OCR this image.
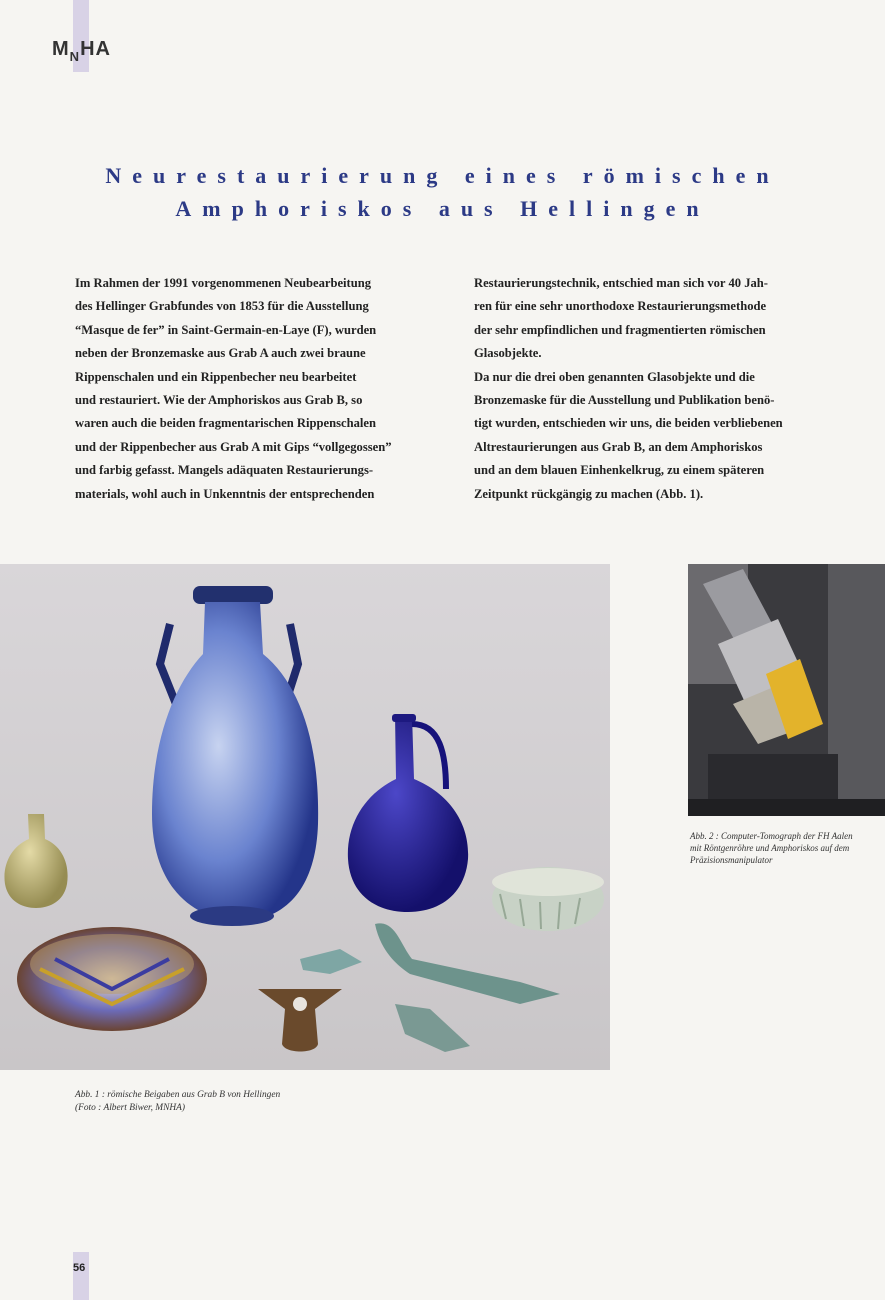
$M_NHA$
Neurestaurierung eines römischen
Amphoriskos aus Hellingen

Im Rahmen der 1991 vorgenommenen Neubearbeitung

des Hellinger Grabfundes von 1853 für die Ausstellung

“Masque de fer” in Saint-Germain-en-Laye (F), wurden

neben der Bronzemaske aus Grab A auch zwei braune

Rippenschalen und ein Rippenbecher neu bearbeitet

und restauriert. Wie der Amphoriskos aus Grab B, so

waren auch die beiden fragmentarischen Rippenschalen

und der Rippenbecher aus Grab A mit Gips “vollgegossen”

und farbig gefasst. Mangels adäquaten Restaurierungs-

materials, wohl auch in Unkenntnis der entsprechenden

Restaurierungstechnik, entschied man sich vor 40 Jah-

ren für eine sehr unorthodoxe Restaurierungsmethode

der sehr empfindlichen und fragmentierten römischen

Glasobjekte.

Da nur die drei oben genannten Glasobjekte und die

Bronzemaske für die Ausstellung und Publikation benö-

tigt wurden, entschieden wir uns, die beiden verbliebenen

Altrestaurierungen aus Grab B, an dem Amphoriskos

und an dem blauen Einhenkelkrug, zu einem späteren

Zeitpunkt rückgängig zu machen (Abb. 1).

Abb. 1 : römische Beigaben aus Grab B von Hellingen

(Foto : Albert Biwer, MNHA)

Abb. 2 : Computer-Tomograph der FH Aalen

mit Röntgenröhre und Amphoriskos auf dem

Präzisionsmanipulator

56
